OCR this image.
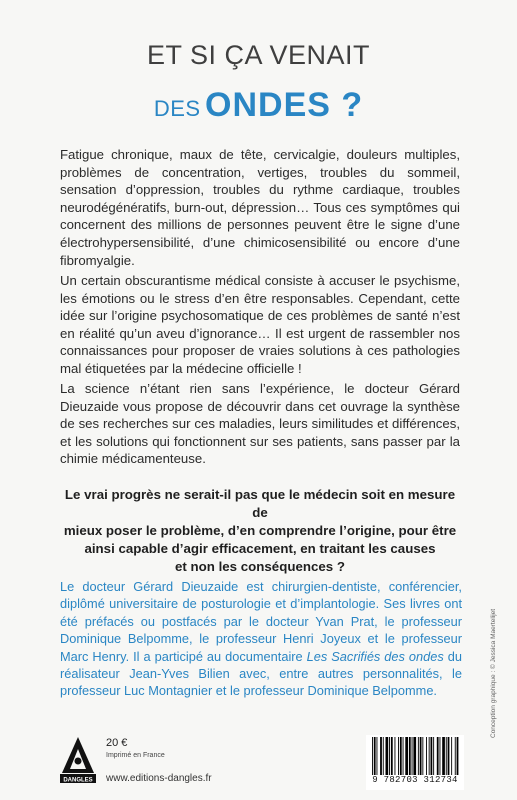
ET SI ÇA VENAIT
DES ONDES ?
Fatigue chronique, maux de tête, cervicalgie, douleurs multiples, problèmes de concentration, vertiges, troubles du sommeil, sensation d’oppression, troubles du rythme cardiaque, troubles neurodégénératifs, burn-out, dépression… Tous ces symptômes qui concernent des millions de personnes peuvent être le signe d’une électrohypersensibilité, d’une chimicosensibilité ou encore d’une fibromyalgie.
Un certain obscurantisme médical consiste à accuser le psychisme, les émotions ou le stress d’en être responsables. Cependant, cette idée sur l’origine psychosomatique de ces problèmes de santé n’est en réalité qu’un aveu d’ignorance… Il est urgent de rassembler nos connaissances pour proposer de vraies solutions à ces pathologies mal étiquetées par la médecine officielle !
La science n’étant rien sans l’expérience, le docteur Gérard Dieuzaide vous propose de découvrir dans cet ouvrage la synthèse de ses recherches sur ces maladies, leurs similitudes et différences, et les solutions qui fonctionnent sur ses patients, sans passer par la chimie médicamenteuse.
Le vrai progrès ne serait-il pas que le médecin soit en mesure de
mieux poser le problème, d’en comprendre l’origine, pour être
ainsi capable d’agir efficacement, en traitant les causes
et non les conséquences ?
Le docteur Gérard Dieuzaide est chirurgien-dentiste, conférencier, diplômé universitaire de posturologie et d’implantologie. Ses livres ont été préfacés ou postfacés par le docteur Yvan Prat, le professeur Dominique Belpomme, le professeur Henri Joyeux et le professeur Marc Henry. Il a participé au documentaire Les Sacrifiés des ondes du réalisateur Jean-Yves Bilien avec, entre autres personnalités, le professeur Luc Montagnier et le professeur Dominique Belpomme.
DANGLES
20 €
Imprimé en France
www.editions-dangles.fr	9 782703 312734
Conception graphique : © Jessica Maertelijet
